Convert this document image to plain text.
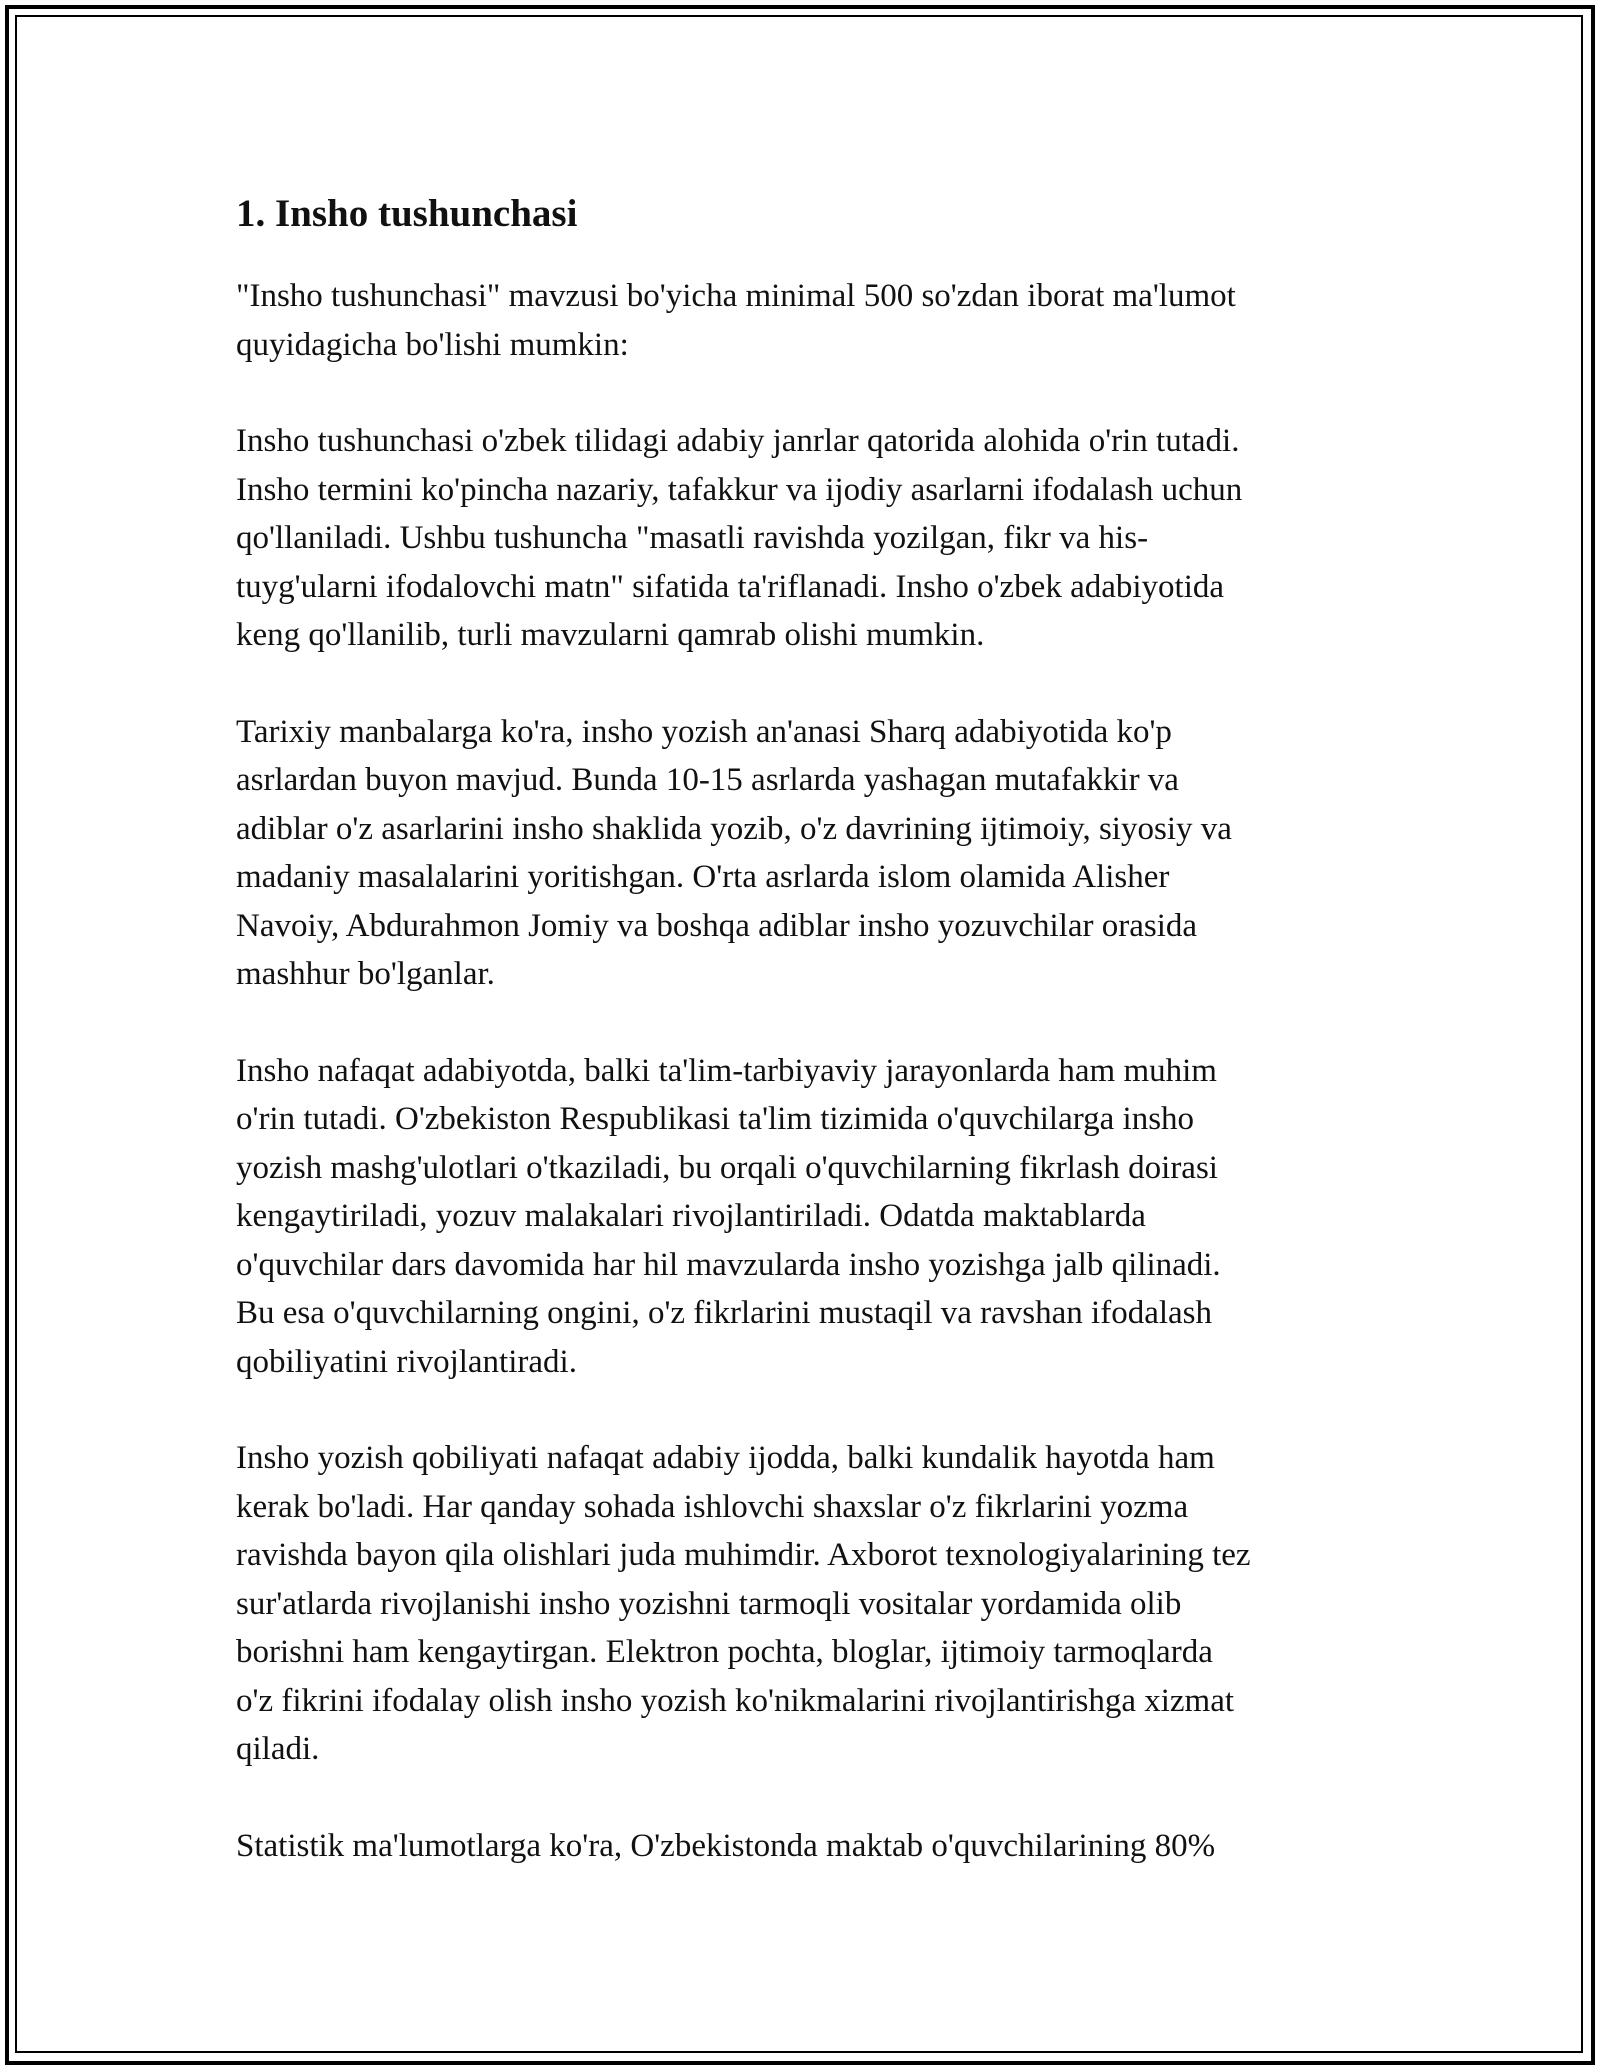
1. Insho tushunchasi

"Insho tushunchasi" mavzusi bo'yicha minimal 500 so'zdan iborat ma'lumot
quyidagicha bo'lishi mumkin:

Insho tushunchasi o'zbek tilidagi adabiy janrlar qatorida alohida o'rin tutadi.
Insho termini ko'pincha nazariy, tafakkur va ijodiy asarlarni ifodalash uchun
qo'llaniladi. Ushbu tushuncha "masatli ravishda yozilgan, fikr va his-
tuyg'ularni ifodalovchi matn" sifatida ta'riflanadi. Insho o'zbek adabiyotida
keng qo'llanilib, turli mavzularni qamrab olishi mumkin.

Tarixiy manbalarga ko'ra, insho yozish an'anasi Sharq adabiyotida ko'p
asrlardan buyon mavjud. Bunda 10-15 asrlarda yashagan mutafakkir va
adiblar o'z asarlarini insho shaklida yozib, o'z davrining ijtimoiy, siyosiy va
madaniy masalalarini yoritishgan. O'rta asrlarda islom olamida Alisher
Navoiy, Abdurahmon Jomiy va boshqa adiblar insho yozuvchilar orasida
mashhur bo'lganlar.

Insho nafaqat adabiyotda, balki ta'lim-tarbiyaviy jarayonlarda ham muhim
o'rin tutadi. O'zbekiston Respublikasi ta'lim tizimida o'quvchilarga insho
yozish mashg'ulotlari o'tkaziladi, bu orqali o'quvchilarning fikrlash doirasi
kengaytiriladi, yozuv malakalari rivojlantiriladi. Odatda maktablarda
o'quvchilar dars davomida har hil mavzularda insho yozishga jalb qilinadi.
Bu esa o'quvchilarning ongini, o'z fikrlarini mustaqil va ravshan ifodalash
qobiliyatini rivojlantiradi.

Insho yozish qobiliyati nafaqat adabiy ijodda, balki kundalik hayotda ham
kerak bo'ladi. Har qanday sohada ishlovchi shaxslar o'z fikrlarini yozma
ravishda bayon qila olishlari juda muhimdir. Axborot texnologiyalarining tez
sur'atlarda rivojlanishi insho yozishni tarmoqli vositalar yordamida olib
borishni ham kengaytirgan. Elektron pochta, bloglar, ijtimoiy tarmoqlarda
o'z fikrini ifodalay olish insho yozish ko'nikmalarini rivojlantirishga xizmat
qiladi.

Statistik ma'lumotlarga ko'ra, O'zbekistonda maktab o'quvchilarining 80%
